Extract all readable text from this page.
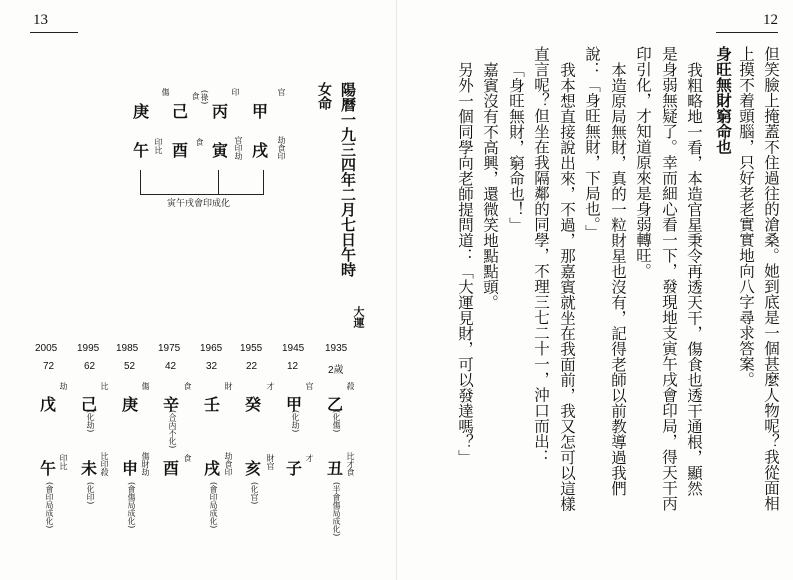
13
陽曆一九三四年二月七日午時
女命
官
甲
印
丙
(祿)
食
己
傷
庚
戌 劫食印
寅 官印劫
酉 食
午 印比
寅午戌會印成化
大運
1935
1945
1955
1965
1975
1985
1995
2005
2歲
12
22
32
42
52
62
72
乙
殺
(化傷)
甲
官
(化劫)
癸
才
壬
財
辛
食
(合丙不化)
庚
傷
己
比
(化劫)
戊
劫
丑 比才食
(半會傷局成化)
子
才
亥 財官
(化官)
戌 劫食印
(會印局成化)
酉
食
申 傷財劫
(會傷局成化)
未 比印殺
(化印)
午 印比
(會印局成化)
12
但笑臉上掩蓋不住過往的滄桑。她到底是一個甚麼人物呢？我從面相
上摸不着頭腦，只好老老實實地向八字尋求答案。
身旺無財窮命也
我粗略地一看，本造官星秉令再透天干，傷食也透干通根，顯然
是身弱無疑了。幸而細心看一下，發現地支寅午戌會印局，得天干丙
印引化，才知道原來是身弱轉旺。
本造原局無財，真的一粒財星也沒有，記得老師以前教導過我們
說：「身旺無財，下局也。」
我本想直接說出來，不過，那嘉賓就坐在我面前，我又怎可以這樣
直言呢？但坐在我隔鄰的同學，不理三七二十一，沖口而出：
「身旺無財，窮命也！」
嘉賓沒有不高興，還微笑地點點頭。
另外一個同學向老師提問道：「大運見財，可以發達嗎？」
